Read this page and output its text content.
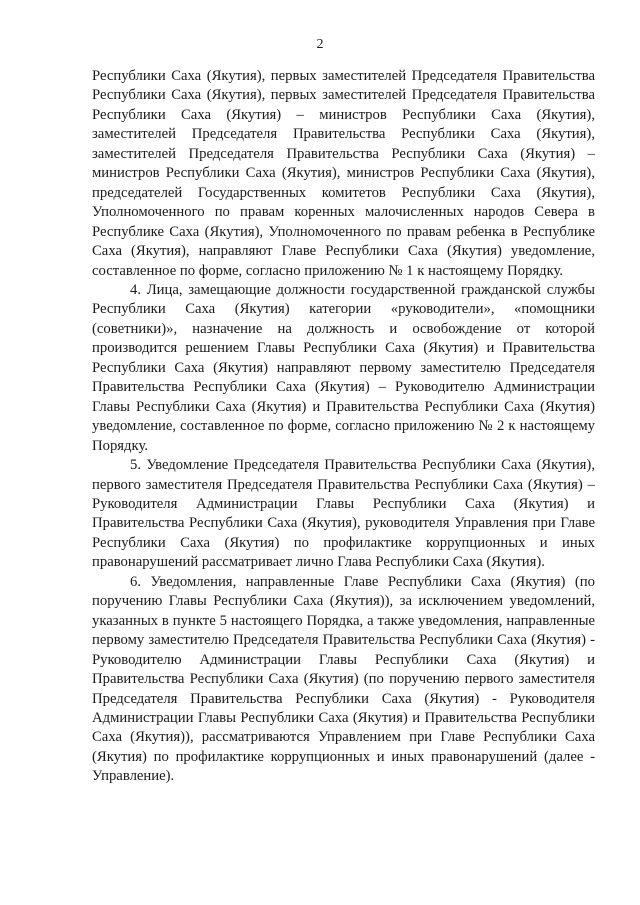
2

Республики Саха (Якутия), первых заместителей Председателя Правительства Республики Саха (Якутия), первых заместителей Председателя Правительства Республики Саха (Якутия) – министров Республики Саха (Якутия), заместителей Председателя Правительства Республики Саха (Якутия), заместителей Председателя Правительства Республики Саха (Якутия) – министров Республики Саха (Якутия), министров Республики Саха (Якутия), председателей Государственных комитетов Республики Саха (Якутия), Уполномоченного по правам коренных малочисленных народов Севера в Республике Саха (Якутия), Уполномоченного по правам ребенка в Республике Саха (Якутия), направляют Главе Республики Саха (Якутия) уведомление, составленное по форме, согласно приложению № 1 к настоящему Порядку.

4. Лица, замещающие должности государственной гражданской службы Республики Саха (Якутия) категории «руководители», «помощники (советники)», назначение на должность и освобождение от которой производится решением Главы Республики Саха (Якутия) и Правительства Республики Саха (Якутия) направляют первому заместителю Председателя Правительства Республики Саха (Якутия) – Руководителю Администрации Главы Республики Саха (Якутия) и Правительства Республики Саха (Якутия) уведомление, составленное по форме, согласно приложению № 2 к настоящему Порядку.

5. Уведомление Председателя Правительства Республики Саха (Якутия), первого заместителя Председателя Правительства Республики Саха (Якутия) – Руководителя Администрации Главы Республики Саха (Якутия) и Правительства Республики Саха (Якутия), руководителя Управления при Главе Республики Саха (Якутия) по профилактике коррупционных и иных правонарушений рассматривает лично Глава Республики Саха (Якутия).

6. Уведомления, направленные Главе Республики Саха (Якутия) (по поручению Главы Республики Саха (Якутия)), за исключением уведомлений, указанных в пункте 5 настоящего Порядка, а также уведомления, направленные первому заместителю Председателя Правительства Республики Саха (Якутия) - Руководителю Администрации Главы Республики Саха (Якутия) и Правительства Республики Саха (Якутия) (по поручению первого заместителя Председателя Правительства Республики Саха (Якутия) - Руководителя Администрации Главы Республики Саха (Якутия) и Правительства Республики Саха (Якутия)), рассматриваются Управлением при Главе Республики Саха (Якутия) по профилактике коррупционных и иных правонарушений (далее - Управление).
